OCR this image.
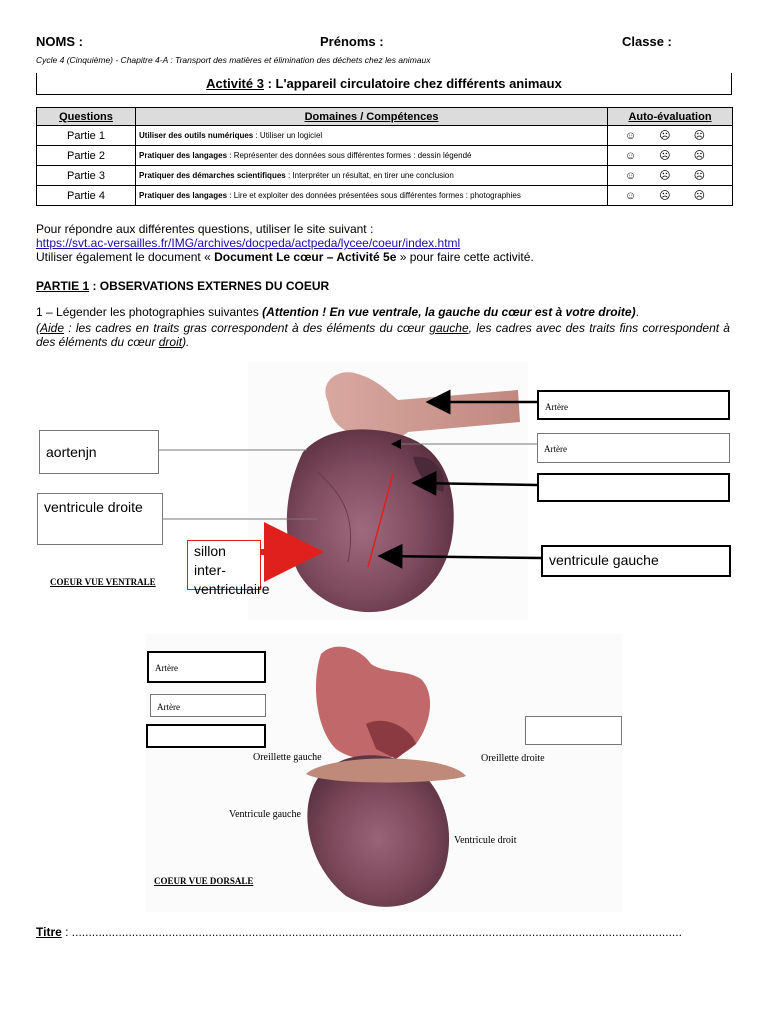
NOMS :	Prénoms :	Classe :
Cycle 4 (Cinquième) - Chapitre 4-A : Transport des matières et élimination des déchets chez les animaux
Activité 3 : L'appareil circulatoire chez différents animaux
Questions	Domaines / Compétences	Auto-évaluation
Partie 1	Utiliser des outils numériques : Utiliser un logiciel	☺ ☹ ☹
Partie 2	Pratiquer des langages : Représenter des données sous différentes formes : dessin légendé	☺ ☹ ☹
Partie 3	Pratiquer des démarches scientifiques : Interpréter un résultat, en tirer une conclusion	☺ ☹ ☹
Partie 4	Pratiquer des langages : Lire et exploiter des données présentées sous différentes formes : photographies	☺ ☹ ☹
Pour répondre aux différentes questions, utiliser le site suivant :
https://svt.ac-versailles.fr/IMG/archives/docpeda/actpeda/lycee/coeur/index.html
Utiliser également le document « Document Le cœur – Activité 5e » pour faire cette activité.
PARTIE 1 : OBSERVATIONS EXTERNES DU COEUR
1 – Légender les photographies suivantes (Attention ! En vue ventrale, la gauche du cœur est à votre droite).
(Aide : les cadres en traits gras correspondent à des éléments du cœur gauche, les cadres avec des traits fins correspondent à des éléments du cœur droit).
aortenjn
ventricule droite
sillon inter-ventriculaire
Artère
Artère
ventricule gauche
COEUR VUE VENTRALE
Artère
Artère
Oreillette gauche	Oreillette droite
Ventricule gauche
Ventricule droit
COEUR VUE DORSALE
Titre : .......................................................................................................................................................................................
